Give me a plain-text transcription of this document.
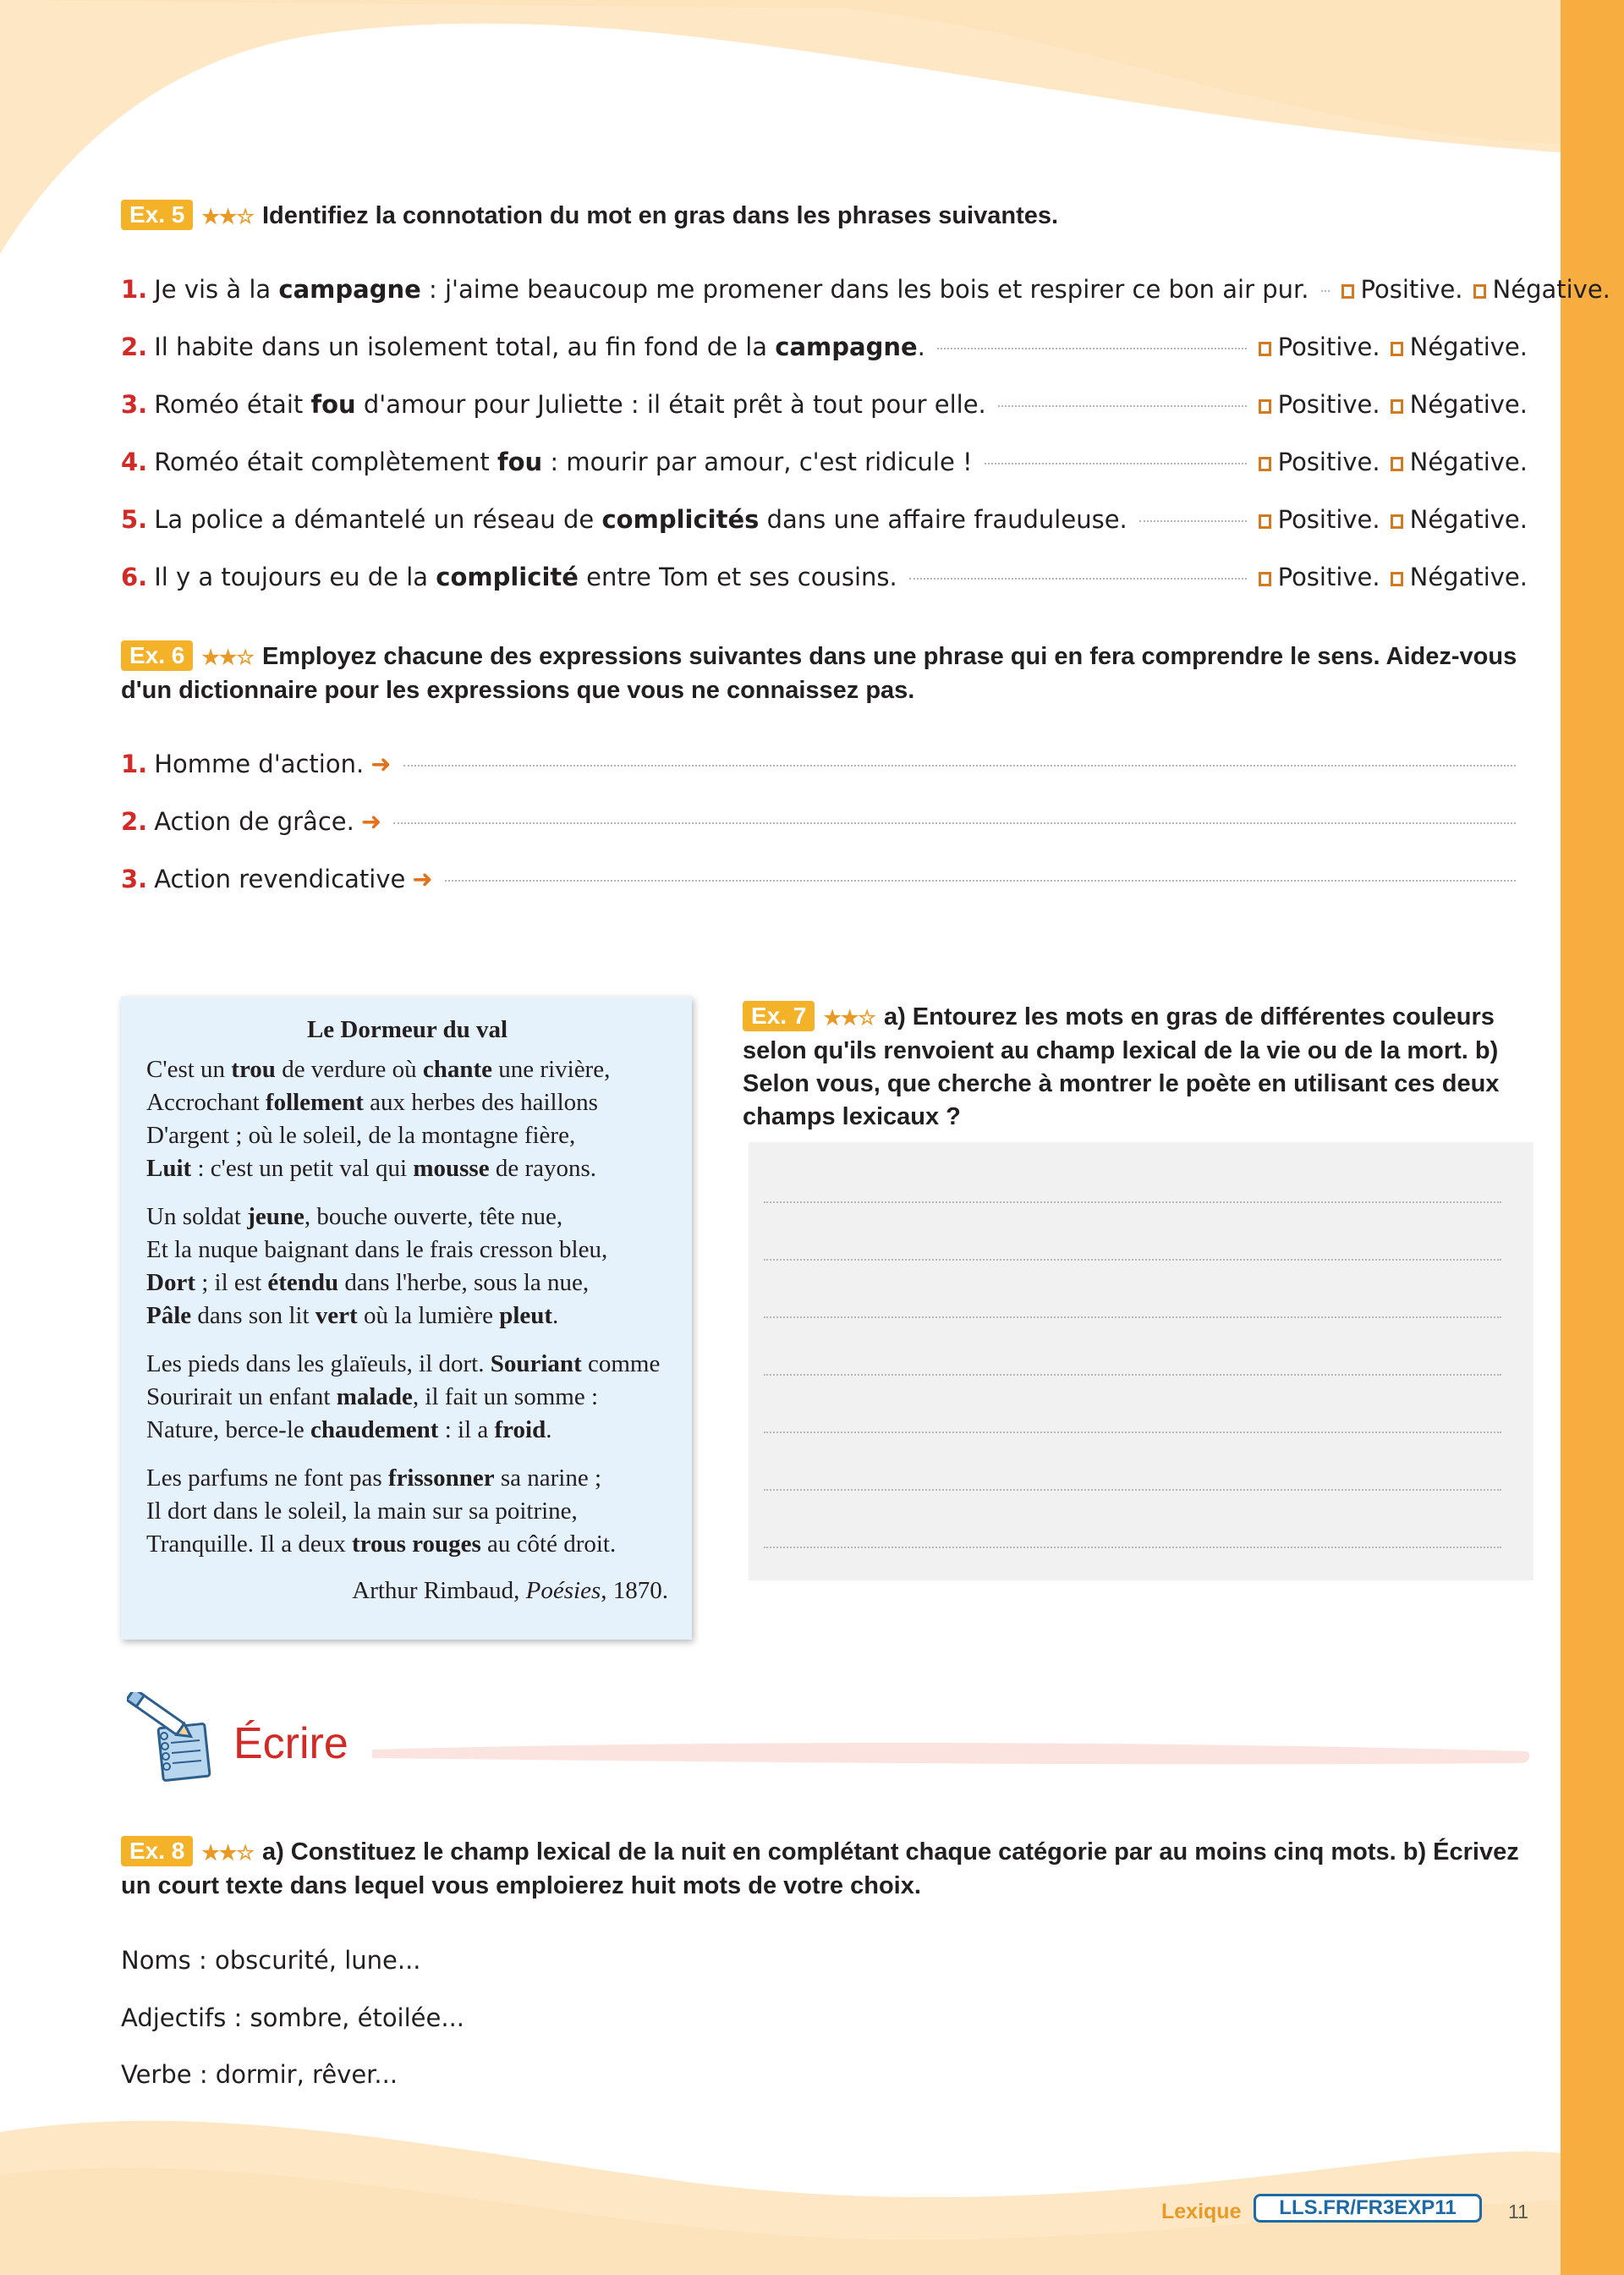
Ex. 5 ★★☆ Identifiez la connotation du mot en gras dans les phrases suivantes.
1. Je vis à la campagne : j'aime beaucoup me promener dans les bois et respirer ce bon air pur.	Positive.	Négative.
2. Il habite dans un isolement total, au fin fond de la campagne.	Positive.	Négative.
3. Roméo était fou d'amour pour Juliette : il était prêt à tout pour elle.	Positive.	Négative.
4. Roméo était complètement fou : mourir par amour, c'est ridicule !	Positive.	Négative.
5. La police a démantelé un réseau de complicités dans une affaire frauduleuse.	Positive.	Négative.
6. Il y a toujours eu de la complicité entre Tom et ses cousins.	Positive.	Négative.
Ex. 6 ★★☆ Employez chacune des expressions suivantes dans une phrase qui en fera comprendre le sens. Aidez-vous d'un dictionnaire pour les expressions que vous ne connaissez pas.
1. Homme d'action. ➜
2. Action de grâce. ➜
3. Action revendicative ➜
Le Dormeur du val
C'est un trou de verdure où chante une rivière,
Accrochant follement aux herbes des haillons
D'argent ; où le soleil, de la montagne fière,
Luit : c'est un petit val qui mousse de rayons.
Un soldat jeune, bouche ouverte, tête nue,
Et la nuque baignant dans le frais cresson bleu,
Dort ; il est étendu dans l'herbe, sous la nue,
Pâle dans son lit vert où la lumière pleut.
Les pieds dans les glaïeuls, il dort. Souriant comme
Sourirait un enfant malade, il fait un somme :
Nature, berce-le chaudement : il a froid.
Les parfums ne font pas frissonner sa narine ;
Il dort dans le soleil, la main sur sa poitrine,
Tranquille. Il a deux trous rouges au côté droit.
Arthur Rimbaud, Poésies, 1870.
Ex. 7 ★★☆ a) Entourez les mots en gras de différentes couleurs selon qu'ils renvoient au champ lexical de la vie ou de la mort. b) Selon vous, que cherche à montrer le poète en utilisant ces deux champs lexicaux ?
Écrire
Ex. 8 ★★☆ a) Constituez le champ lexical de la nuit en complétant chaque catégorie par au moins cinq mots. b) Écrivez un court texte dans lequel vous emploierez huit mots de votre choix.
Noms : obscurité, lune...
Adjectifs : sombre, étoilée...
Verbe : dormir, rêver...
Lexique	LLS.FR/FR3EXP11	11
